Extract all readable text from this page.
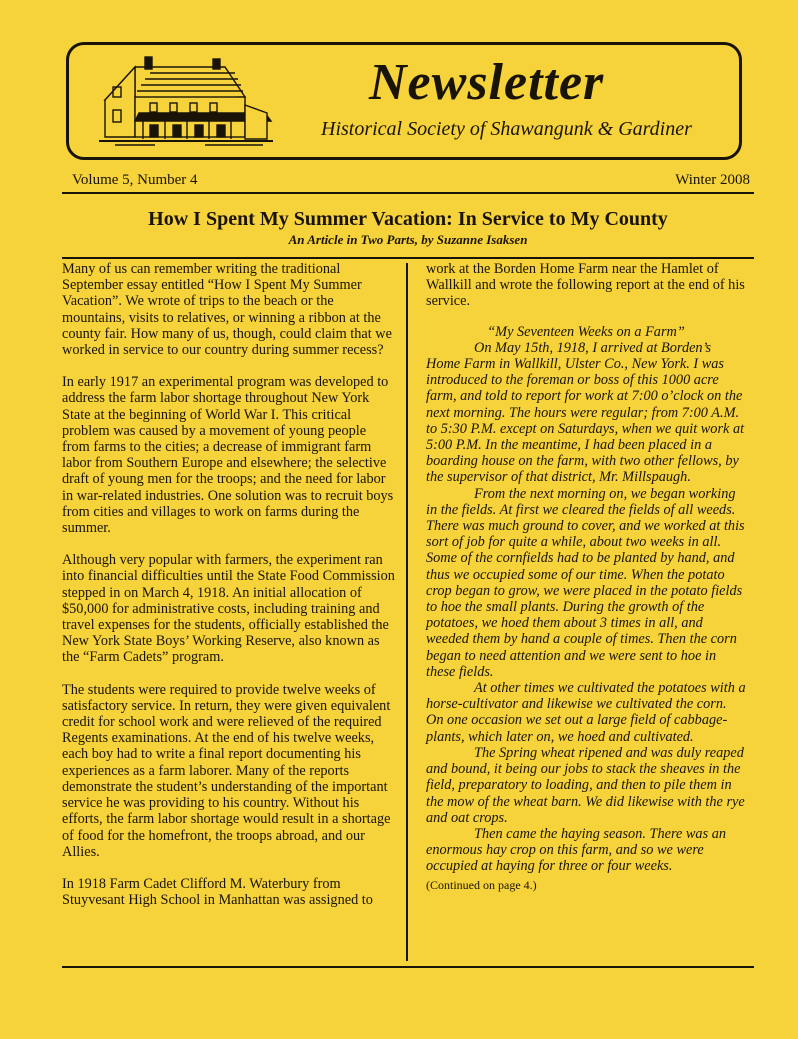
Newsletter
Historical Society of Shawangunk & Gardiner
Volume 5, Number 4	Winter 2008
How I Spent My Summer Vacation: In Service to My County
An Article in Two Parts, by Suzanne Isaksen

Many of us can remember writing the traditional September essay entitled “How I Spent My Summer Vacation”. We wrote of trips to the beach or the mountains, visits to relatives, or winning a ribbon at the county fair. How many of us, though, could claim that we worked in service to our country during summer recess?

In early 1917 an experimental program was developed to address the farm labor shortage throughout New York State at the beginning of World War I. This critical problem was caused by a movement of young people from farms to the cities; a decrease of immigrant farm labor from Southern Europe and elsewhere; the selective draft of young men for the troops; and the need for labor in war-related industries. One solution was to recruit boys from cities and villages to work on farms during the summer.

Although very popular with farmers, the experiment ran into financial difficulties until the State Food Commission stepped in on March 4, 1918. An initial allocation of $50,000 for administrative costs, including training and travel expenses for the students, officially established the New York State Boys’ Working Reserve, also known as the “Farm Cadets” program.

The students were required to provide twelve weeks of satisfactory service. In return, they were given equivalent credit for school work and were relieved of the required Regents examinations. At the end of his twelve weeks, each boy had to write a final report documenting his experiences as a farm laborer. Many of the reports demonstrate the student’s understanding of the important service he was providing to his country. Without his efforts, the farm labor shortage would result in a shortage of food for the homefront, the troops abroad, and our Allies.

In 1918 Farm Cadet Clifford M. Waterbury from Stuyvesant High School in Manhattan was assigned to

work at the Borden Home Farm near the Hamlet of Wallkill and wrote the following report at the end of his service.

“My Seventeen Weeks on a Farm”

On May 15th, 1918, I arrived at Borden’s Home Farm in Wallkill, Ulster Co., New York. I was introduced to the foreman or boss of this 1000 acre farm, and told to report for work at 7:00 o’clock on the next morning. The hours were regular; from 7:00 A.M. to 5:30 P.M. except on Saturdays, when we quit work at 5:00 P.M. In the meantime, I had been placed in a boarding house on the farm, with two other fellows, by the supervisor of that district, Mr. Millspaugh.

From the next morning on, we began working in the fields. At first we cleared the fields of all weeds. There was much ground to cover, and we worked at this sort of job for quite a while, about two weeks in all. Some of the cornfields had to be planted by hand, and thus we occupied some of our time. When the potato crop began to grow, we were placed in the potato fields to hoe the small plants. During the growth of the potatoes, we hoed them about 3 times in all, and weeded them by hand a couple of times. Then the corn began to need attention and we were sent to hoe in these fields.

At other times we cultivated the potatoes with a horse-cultivator and likewise we cultivated the corn. On one occasion we set out a large field of cabbage-plants, which later on, we hoed and cultivated.

The Spring wheat ripened and was duly reaped and bound, it being our jobs to stack the sheaves in the field, preparatory to loading, and then to pile them in the mow of the wheat barn. We did likewise with the rye and oat crops.

Then came the haying season. There was an enormous hay crop on this farm, and so we were occupied at haying for three or four weeks.

(Continued on page 4.)
